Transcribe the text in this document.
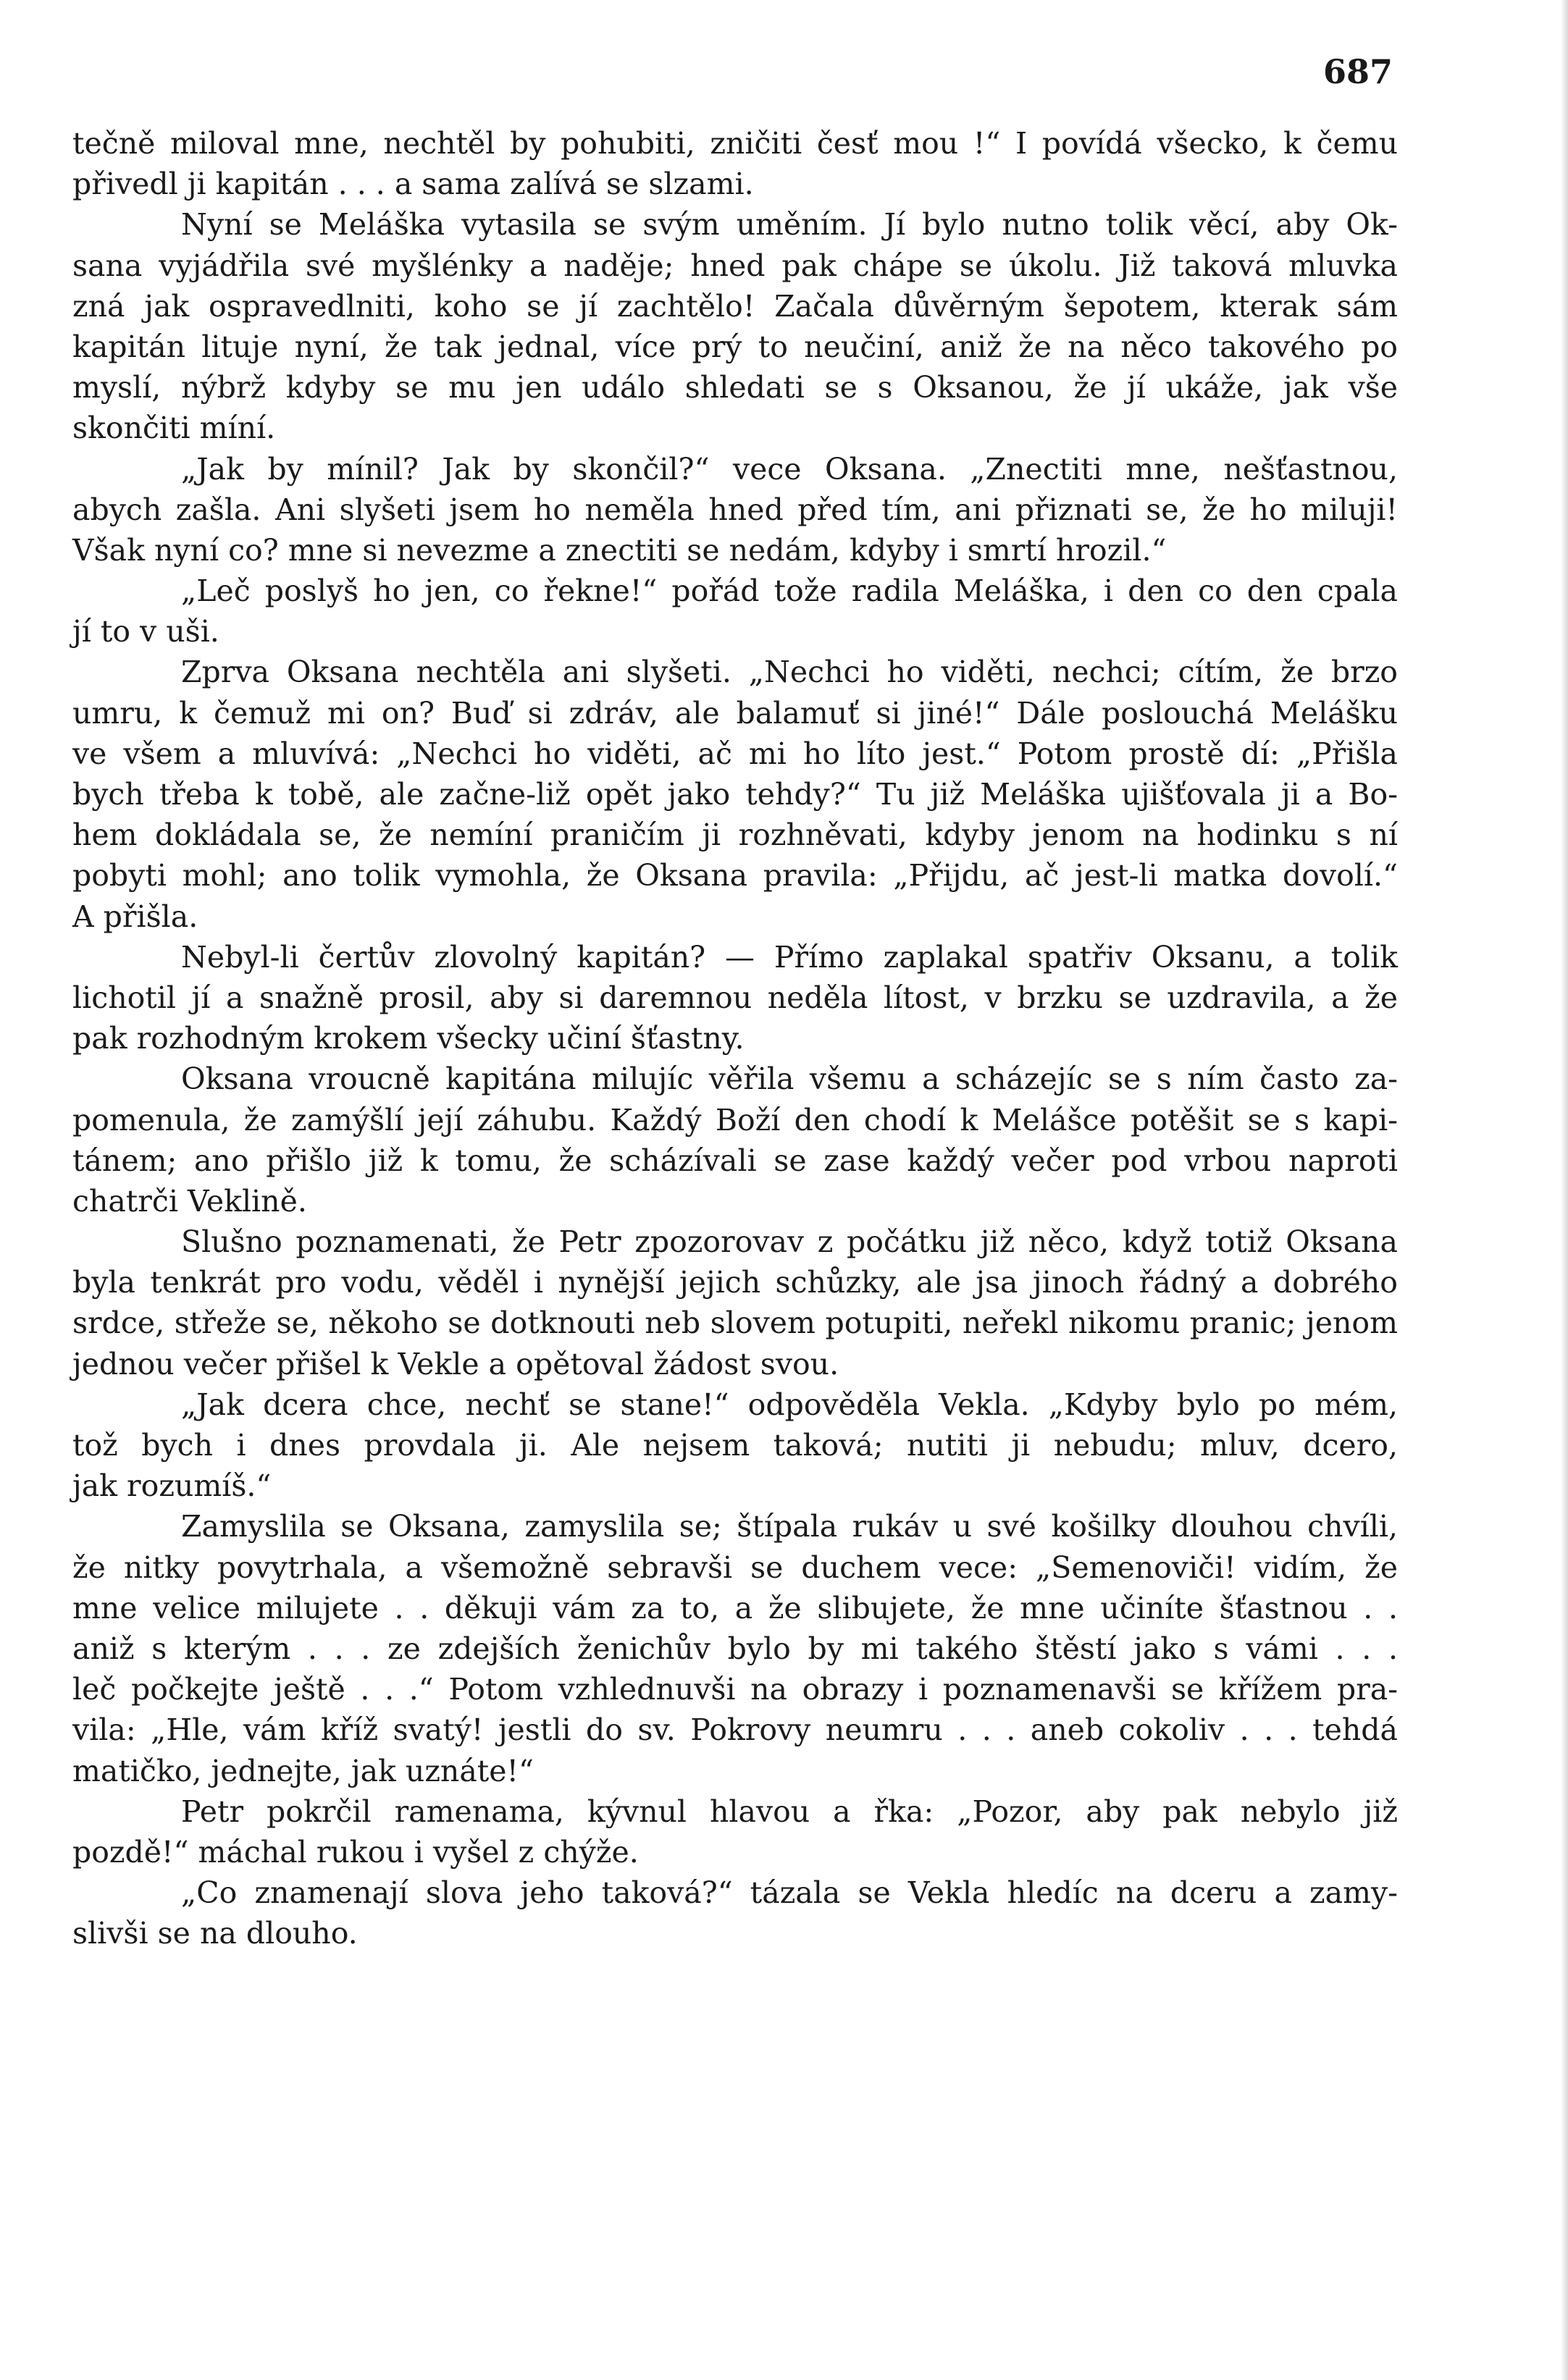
687
tečně miloval mne, nechtěl by pohubiti, zničiti česť mou !“ I povídá všecko, k čemu
přivedl ji kapitán . . . a sama zalívá se slzami.
Nyní se Meláška vytasila se svým uměním. Jí bylo nutno tolik věcí, aby Ok-
sana vyjádřila své myšlénky a naděje; hned pak chápe se úkolu. Již taková mluvka
zná jak ospravedlniti, koho se jí zachtělo! Začala důvěrným šepotem, kterak sám
kapitán lituje nyní, že tak jednal, více prý to neučiní, aniž že na něco takového po
myslí, nýbrž kdyby se mu jen událo shledati se s Oksanou, že jí ukáže, jak vše
skončiti míní.
„Jak by mínil? Jak by skončil?“ vece Oksana. „Znectiti mne, nešťastnou,
abych zašla. Ani slyšeti jsem ho neměla hned před tím, ani přiznati se, že ho miluji!
Však nyní co? mne si nevezme a znectiti se nedám, kdyby i smrtí hrozil.“
„Leč poslyš ho jen, co řekne!“ pořád tože radila Meláška, i den co den cpala
jí to v uši.
Zprva Oksana nechtěla ani slyšeti. „Nechci ho viděti, nechci; cítím, že brzo
umru, k čemuž mi on? Buď si zdráv, ale balamuť si jiné!“ Dále poslouchá Melášku
ve všem a mluvívá: „Nechci ho viděti, ač mi ho líto jest.“ Potom prostě dí: „Přišla
bych třeba k tobě, ale začne-liž opět jako tehdy?“ Tu již Meláška ujišťovala ji a Bo-
hem dokládala se, že nemíní praničím ji rozhněvati, kdyby jenom na hodinku s ní
pobyti mohl; ano tolik vymohla, že Oksana pravila: „Přijdu, ač jest-li matka dovolí.“
A přišla.
Nebyl-li čertův zlovolný kapitán? — Přímo zaplakal spatřiv Oksanu, a tolik
lichotil jí a snažně prosil, aby si daremnou neděla lítost, v brzku se uzdravila, a že
pak rozhodným krokem všecky učiní šťastny.
Oksana vroucně kapitána milujíc věřila všemu a scházejíc se s ním často za-
pomenula, že zamýšlí její záhubu. Každý Boží den chodí k Melášce potěšit se s kapi-
tánem; ano přišlo již k tomu, že scházívali se zase každý večer pod vrbou naproti
chatrči Veklině.
Slušno poznamenati, že Petr zpozorovav z počátku již něco, když totiž Oksana
byla tenkrát pro vodu, věděl i nynější jejich schůzky, ale jsa jinoch řádný a dobrého
srdce, střeže se, někoho se dotknouti neb slovem potupiti, neřekl nikomu pranic; jenom
jednou večer přišel k Vekle a opětoval žádost svou.
„Jak dcera chce, nechť se stane!“ odpověděla Vekla. „Kdyby bylo po mém,
tož bych i dnes provdala ji. Ale nejsem taková; nutiti ji nebudu; mluv, dcero,
jak rozumíš.“
Zamyslila se Oksana, zamyslila se; štípala rukáv u své košilky dlouhou chvíli,
že nitky povytrhala, a všemožně sebravši se duchem vece: „Semenoviči! vidím, že
mne velice milujete . . děkuji vám za to, a že slibujete, že mne učiníte šťastnou . .
aniž s kterým . . . ze zdejších ženichův bylo by mi takého štěstí jako s vámi . . .
leč počkejte ještě . . .“ Potom vzhlednuvši na obrazy i poznamenavši se křížem pra-
vila: „Hle, vám kříž svatý! jestli do sv. Pokrovy neumru . . . aneb cokoliv . . . tehdá
matičko, jednejte, jak uznáte!“
Petr pokrčil ramenama, kývnul hlavou a řka: „Pozor, aby pak nebylo již
pozdě!“ máchal rukou i vyšel z chýže.
„Co znamenají slova jeho taková?“ tázala se Vekla hledíc na dceru a zamy-
slivši se na dlouho.
